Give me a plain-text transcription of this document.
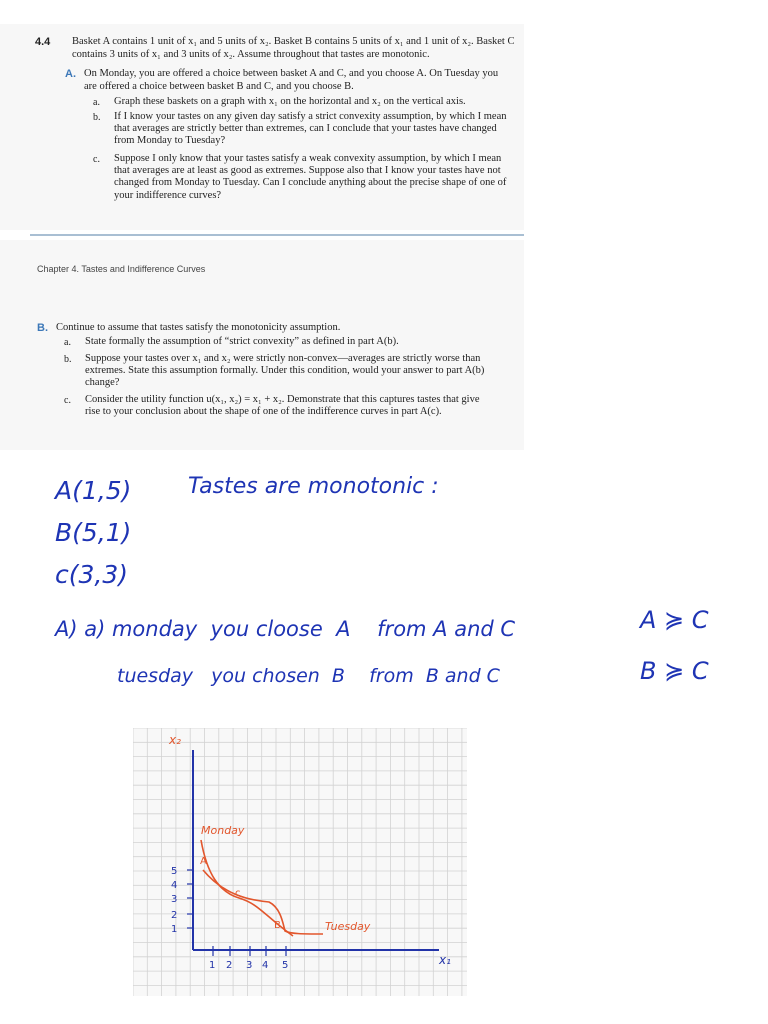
4.4 Basket A contains 1 unit of x₁ and 5 units of x₂. Basket B contains 5 units of x₁ and 1 unit of x₂. Basket C contains 3 units of x₁ and 3 units of x₂. Assume throughout that tastes are monotonic.
A. On Monday, you are offered a choice between basket A and C, and you choose A. On Tuesday you are offered a choice between basket B and C, and you choose B.
a. Graph these baskets on a graph with x₁ on the horizontal and x₂ on the vertical axis.
b. If I know your tastes on any given day satisfy a strict convexity assumption, by which I mean that averages are strictly better than extremes, can I conclude that your tastes have changed from Monday to Tuesday?
c. Suppose I only know that your tastes satisfy a weak convexity assumption, by which I mean that averages are at least as good as extremes. Suppose also that I know your tastes have not changed from Monday to Tuesday. Can I conclude anything about the precise shape of one of your indifference curves?
Chapter 4. Tastes and Indifference Curves
B. Continue to assume that tastes satisfy the monotonicity assumption.
a. State formally the assumption of “strict convexity” as defined in part A(b).
b. Suppose your tastes over x₁ and x₂ were strictly non-convex—averages are strictly worse than extremes. State this assumption formally. Under this condition, would your answer to part A(b) change?
c. Consider the utility function u(x₁, x₂) = x₁ + x₂. Demonstrate that this captures tastes that give rise to your conclusion about the shape of one of the indifference curves in part A(c).
A(1,5)
B(5,1)
c(3,3)
Tastes are monotonic :
A) a) monday  you cloose  A    from A and C
tuesday   you chosen  B    from  B and C
A ≽ C
B ≽ C
x₂
x₁
5
4
3
2
1
1 2 3 4 5
A
c
B
Monday
Tuesday
